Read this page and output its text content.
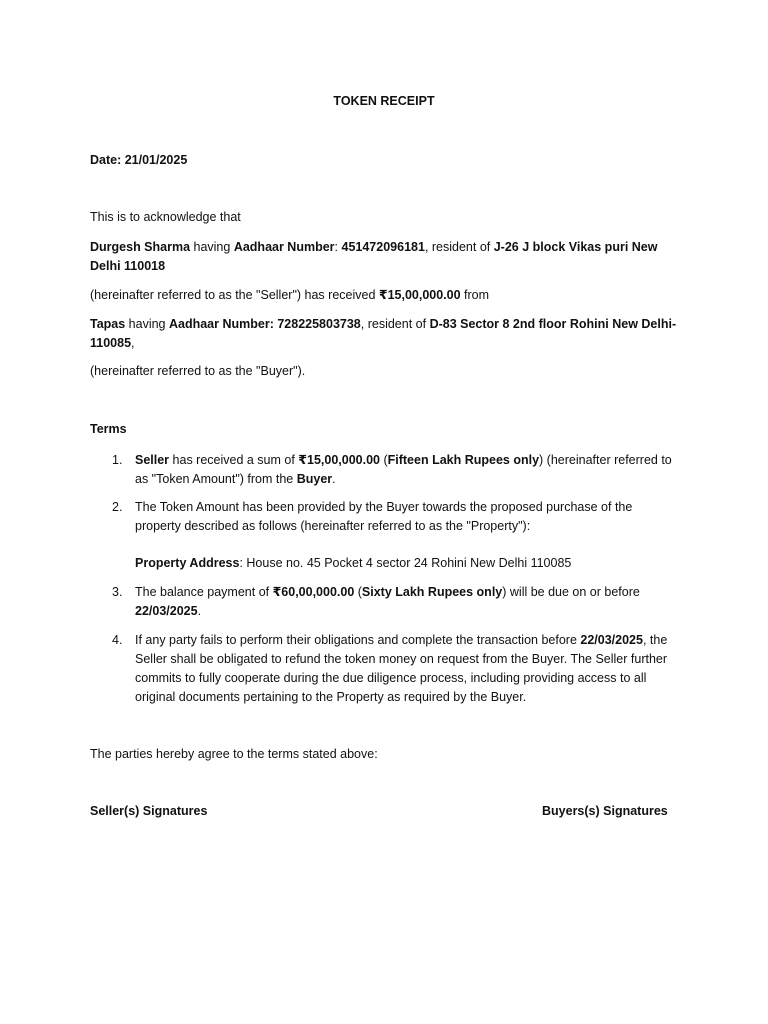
TOKEN RECEIPT
Date: 21/01/2025
This is to acknowledge that
Durgesh Sharma having Aadhaar Number: 451472096181, resident of J-26 J block Vikas puri New Delhi 110018
(hereinafter referred to as the "Seller") has received ₹15,00,000.00 from
Tapas having Aadhaar Number: 728225803738, resident of D-83 Sector 8 2nd floor Rohini New Delhi-110085,
(hereinafter referred to as the "Buyer").
Terms
1. Seller has received a sum of ₹15,00,000.00 (Fifteen Lakh Rupees only) (hereinafter referred to as "Token Amount") from the Buyer.
2. The Token Amount has been provided by the Buyer towards the proposed purchase of the property described as follows (hereinafter referred to as the "Property"):
Property Address: House no. 45 Pocket 4 sector 24 Rohini New Delhi 110085
3. The balance payment of ₹60,00,000.00 (Sixty Lakh Rupees only) will be due on or before 22/03/2025.
4. If any party fails to perform their obligations and complete the transaction before 22/03/2025, the Seller shall be obligated to refund the token money on request from the Buyer. The Seller further commits to fully cooperate during the due diligence process, including providing access to all original documents pertaining to the Property as required by the Buyer.
The parties hereby agree to the terms stated above:
Seller(s) Signatures	Buyers(s) Signatures
